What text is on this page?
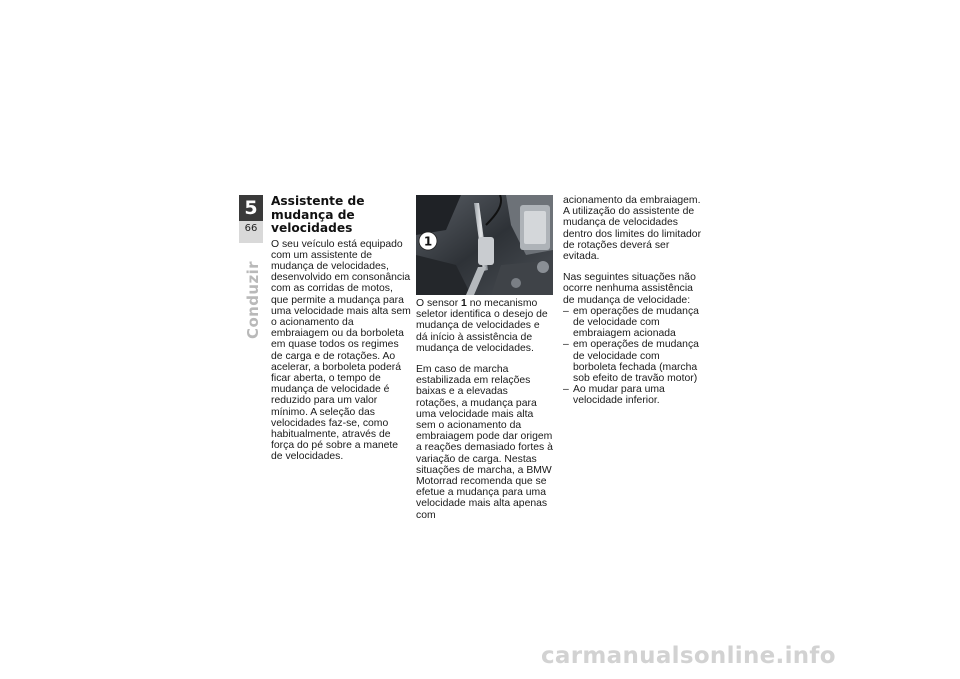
5
66
Conduzir
Assistente de mudança de velocidades

O seu veículo está equipado com um assistente de mudança de velocidades, desenvolvido em consonância com as corridas de motos, que permite a mudança para uma velocidade mais alta sem o acionamento da embraiagem ou da borboleta em quase todos os regimes de carga e de rotações. Ao acelerar, a borboleta poderá ficar aberta, o tempo de mudança de velocidade é reduzido para um valor mínimo. A seleção das velocidades faz-se, como habitualmente, através de força do pé sobre a manete de velocidades.

1

O sensor 1 no mecanismo seletor identifica o desejo de mudança de velocidades e dá início à assistência de mudança de velocidades.

Em caso de marcha estabilizada em relações baixas e a elevadas rotações, a mudança para uma velocidade mais alta sem o acionamento da embraiagem pode dar origem a reações demasiado fortes à variação de carga. Nestas situações de marcha, a BMW Motorrad recomenda que se efetue a mudança para uma velocidade mais alta apenas com

acionamento da embraiagem. A utilização do assistente de mudança de velocidades dentro dos limites do limitador de rotações deverá ser evitada.

Nas seguintes situações não ocorre nenhuma assistência de mudança de velocidade:

– em operações de mudança de velocidade com embraiagem acionada
– em operações de mudança de velocidade com borboleta fechada (marcha sob efeito de travão motor)
– Ao mudar para uma velocidade inferior.
carmanualsonline.info
